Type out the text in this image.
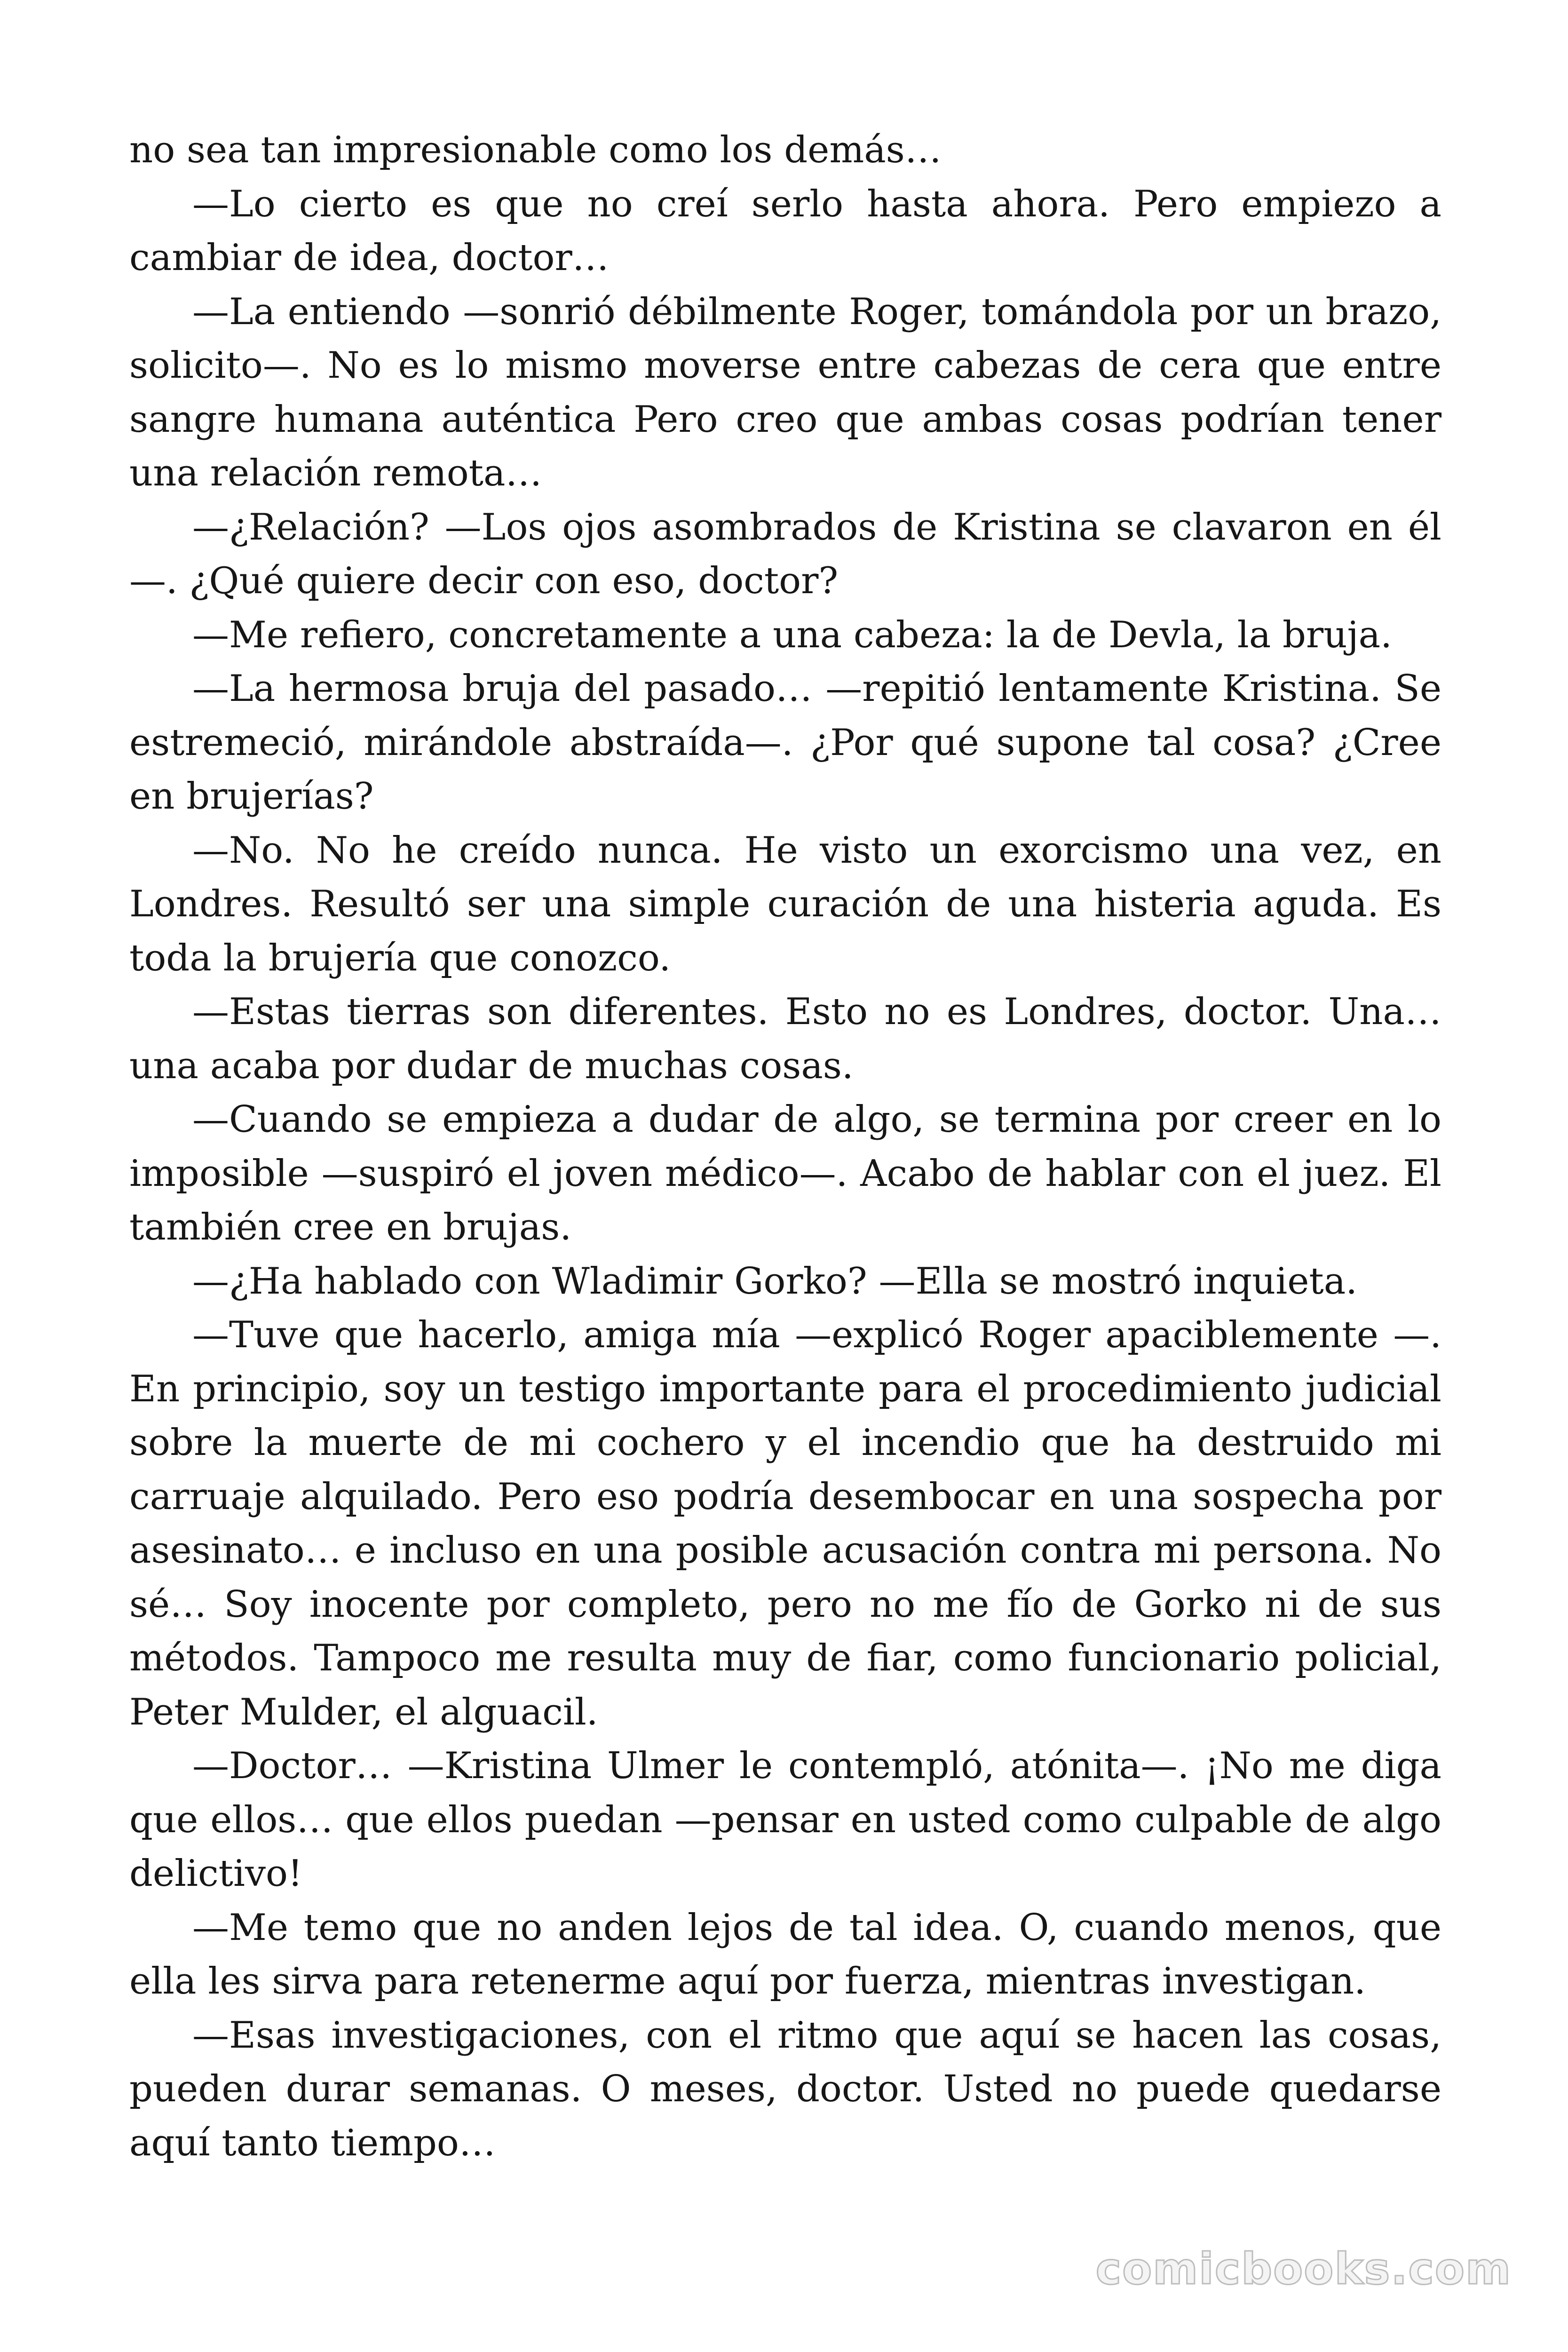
no sea tan impresionable como los demás…

—Lo cierto es que no creí serlo hasta ahora. Pero empiezo a cambiar de idea, doctor…

—La entiendo —sonrió débilmente Roger, tomándola por un brazo, solicito—. No es lo mismo moverse entre cabezas de cera que entre sangre humana auténtica Pero creo que ambas cosas podrían tener una relación remota…

—¿Relación? —Los ojos asombrados de Kristina se clavaron en él—. ¿Qué quiere decir con eso, doctor?

—Me refiero, concretamente a una cabeza: la de Devla, la bruja.

—La hermosa bruja del pasado… —repitió lentamente Kristina. Se estremeció, mirándole abstraída—. ¿Por qué supone tal cosa? ¿Cree en brujerías?

—No. No he creído nunca. He visto un exorcismo una vez, en Londres. Resultó ser una simple curación de una histeria aguda. Es toda la brujería que conozco.

—Estas tierras son diferentes. Esto no es Londres, doctor. Una… una acaba por dudar de muchas cosas.

—Cuando se empieza a dudar de algo, se termina por creer en lo imposible —suspiró el joven médico—. Acabo de hablar con el juez. El también cree en brujas.

—¿Ha hablado con Wladimir Gorko? —Ella se mostró inquieta.

—Tuve que hacerlo, amiga mía —explicó Roger apaciblemente —. En principio, soy un testigo importante para el procedimiento judicial sobre la muerte de mi cochero y el incendio que ha destruido mi carruaje alquilado. Pero eso podría desembocar en una sospecha por asesinato… e incluso en una posible acusación contra mi persona. No sé… Soy inocente por completo, pero no me fío de Gorko ni de sus métodos. Tampoco me resulta muy de fiar, como funcionario policial, Peter Mulder, el alguacil.

—Doctor… —Kristina Ulmer le contempló, atónita—. ¡No me diga que ellos… que ellos puedan —pensar en usted como culpable de algo delictivo!

—Me temo que no anden lejos de tal idea. O, cuando menos, que ella les sirva para retenerme aquí por fuerza, mientras investigan.

—Esas investigaciones, con el ritmo que aquí se hacen las cosas, pueden durar semanas. O meses, doctor. Usted no puede quedarse aquí tanto tiempo…

comicbooks.com
